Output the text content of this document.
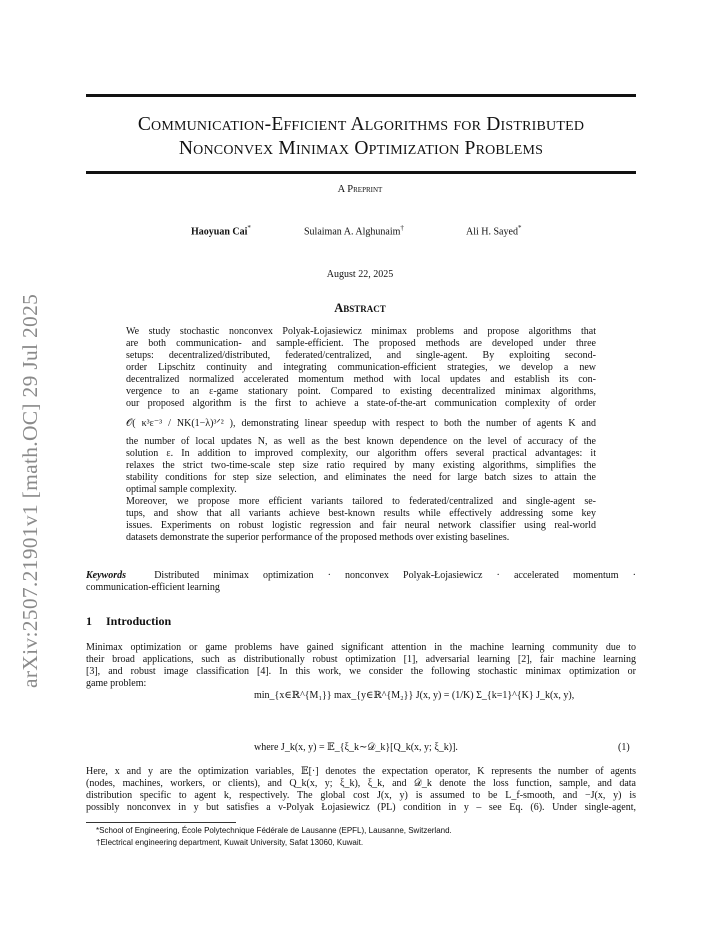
arXiv:2507.21901v1 [math.OC] 29 Jul 2025
Communication-Efficient Algorithms for Distributed
Nonconvex Minimax Optimization Problems
A Preprint
Haoyuan Cai*	Sulaiman A. Alghunaim†	Ali H. Sayed*
August 22, 2025
Abstract
We study stochastic nonconvex Polyak-Łojasiewicz minimax problems and propose algorithms that
are both communication- and sample-efficient. The proposed methods are developed under three
setups: decentralized/distributed, federated/centralized, and single-agent. By exploiting second-
order Lipschitz continuity and integrating communication-efficient strategies, we develop a new
decentralized normalized accelerated momentum method with local updates and establish its con-
vergence to an ε-game stationary point. Compared to existing decentralized minimax algorithms,
our proposed algorithm is the first to achieve a state-of-the-art communication complexity of order
𝒪( κ³ε⁻³ / NK(1−λ)³ᐟ² ), demonstrating linear speedup with respect to both the number of agents K and
the number of local updates N, as well as the best known dependence on the level of accuracy of the
solution ε. In addition to improved complexity, our algorithm offers several practical advantages: it
relaxes the strict two-time-scale step size ratio required by many existing algorithms, simplifies the
stability conditions for step size selection, and eliminates the need for large batch sizes to attain the
optimal sample complexity.
Moreover, we propose more efficient variants tailored to federated/centralized and single-agent se-
tups, and show that all variants achieve best-known results while effectively addressing some key
issues. Experiments on robust logistic regression and fair neural network classifier using real-world
datasets demonstrate the superior performance of the proposed methods over existing baselines.
Keywords	Distributed minimax optimization · nonconvex Polyak-Łojasiewicz · accelerated momentum ·
communication-efficient learning
1 Introduction
Minimax optimization or game problems have gained significant attention in the machine learning community due to
their broad applications, such as distributionally robust optimization [1], adversarial learning [2], fair machine learning
[3], and robust image classification [4]. In this work, we consider the following stochastic minimax optimization or
game problem:
min_{x∈ℝ^{M₁}} max_{y∈ℝ^{M₂}} J(x, y) = (1/K) Σ_{k=1}^{K} J_k(x, y),
where J_k(x, y) = 𝔼_{ξ_k∼𝒟_k}[Q_k(x, y; ξ_k)].	(1)
Here, x and y are the optimization variables, 𝔼[·] denotes the expectation operator, K represents the number of agents
(nodes, machines, workers, or clients), and Q_k(x, y; ξ_k), ξ_k, and 𝒟_k denote the loss function, sample, and data
distribution specific to agent k, respectively. The global cost J(x, y) is assumed to be L_f-smooth, and −J(x, y) is
possibly nonconvex in y but satisfies a ν-Polyak Łojasiewicz (PL) condition in y – see Eq. (6). Under single-agent,
*School of Engineering, École Polytechnique Fédérale de Lausanne (EPFL), Lausanne, Switzerland.
†Electrical engineering department, Kuwait University, Safat 13060, Kuwait.
